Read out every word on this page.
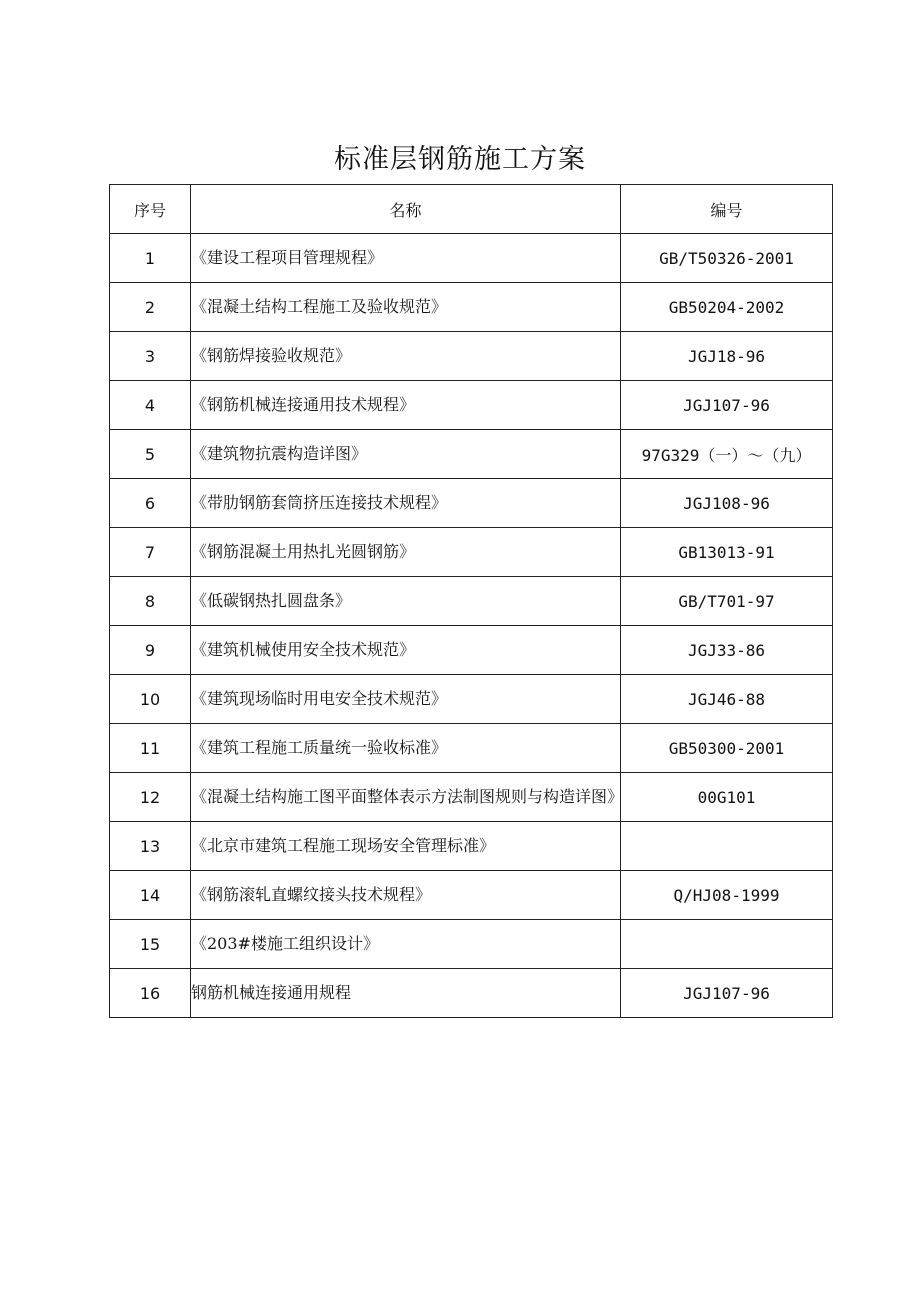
标准层钢筋施工方案
序号	名称	编号
1	《建设工程项目管理规程》	GB/T50326-2001
2	《混凝土结构工程施工及验收规范》	GB50204-2002
3	《钢筋焊接验收规范》	JGJ18-96
4	《钢筋机械连接通用技术规程》	JGJ107-96
5	《建筑物抗震构造详图》	97G329（一）～（九）
6	《带肋钢筋套筒挤压连接技术规程》	JGJ108-96
7	《钢筋混凝土用热扎光圆钢筋》	GB13013-91
8	《低碳钢热扎圆盘条》	GB/T701-97
9	《建筑机械使用安全技术规范》	JGJ33-86
10	《建筑现场临时用电安全技术规范》	JGJ46-88
11	《建筑工程施工质量统一验收标准》	GB50300-2001
12	《混凝土结构施工图平面整体表示方法制图规则与构造详图》	00G101
13	《北京市建筑工程施工现场安全管理标准》	
14	《钢筋滚轧直螺纹接头技术规程》	Q/HJ08-1999
15	《203#楼施工组织设计》	
16	钢筋机械连接通用规程	JGJ107-96
